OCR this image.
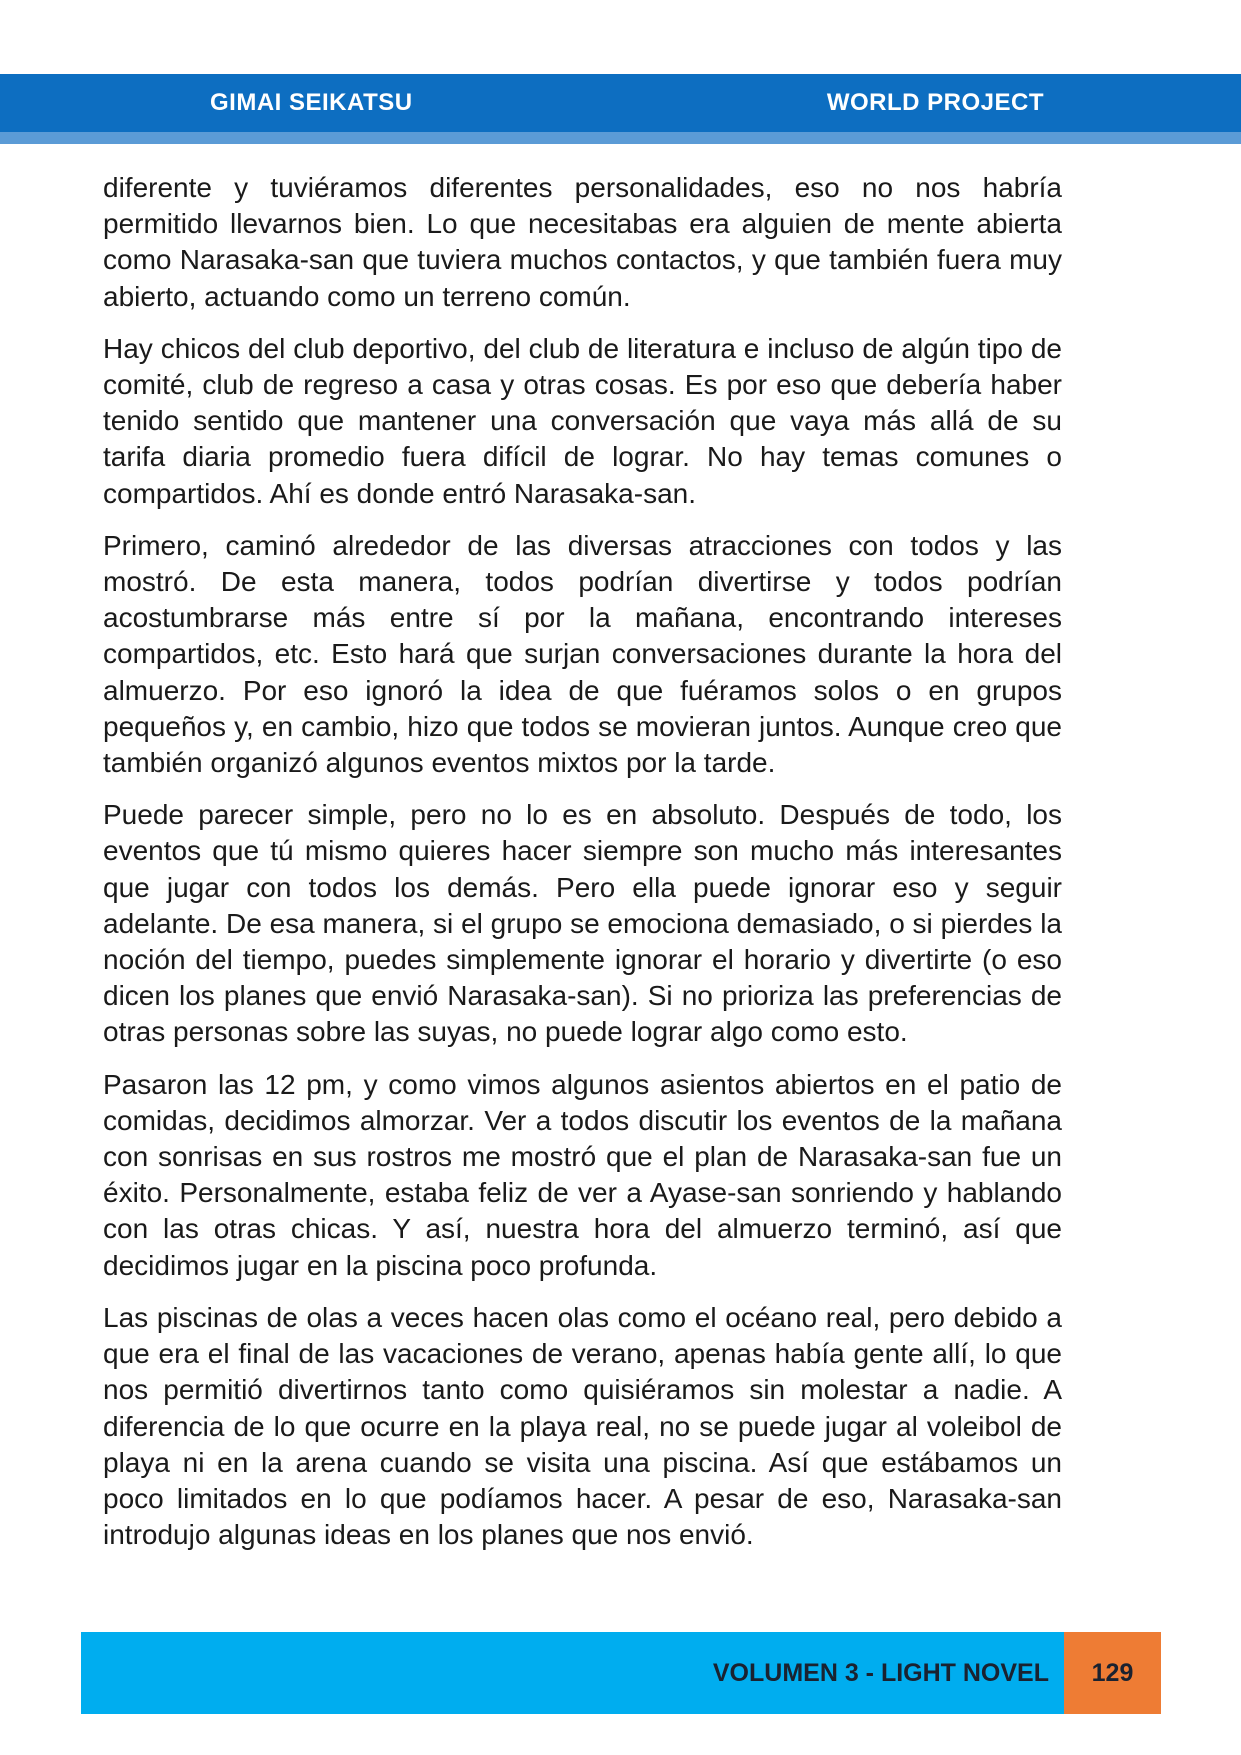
GIMAI SEIKATSU	WORLD PROJECT

diferente y tuviéramos diferentes personalidades, eso no nos habría permitido llevarnos bien. Lo que necesitabas era alguien de mente abierta como Narasaka-san que tuviera muchos contactos, y que también fuera muy abierto, actuando como un terreno común.

Hay chicos del club deportivo, del club de literatura e incluso de algún tipo de comité, club de regreso a casa y otras cosas. Es por eso que debería haber tenido sentido que mantener una conversación que vaya más allá de su tarifa diaria promedio fuera difícil de lograr. No hay temas comunes o compartidos. Ahí es donde entró Narasaka-san.

Primero, caminó alrededor de las diversas atracciones con todos y las mostró. De esta manera, todos podrían divertirse y todos podrían acostumbrarse más entre sí por la mañana, encontrando intereses compartidos, etc. Esto hará que surjan conversaciones durante la hora del almuerzo. Por eso ignoró la idea de que fuéramos solos o en grupos pequeños y, en cambio, hizo que todos se movieran juntos. Aunque creo que también organizó algunos eventos mixtos por la tarde.

Puede parecer simple, pero no lo es en absoluto. Después de todo, los eventos que tú mismo quieres hacer siempre son mucho más interesantes que jugar con todos los demás. Pero ella puede ignorar eso y seguir adelante. De esa manera, si el grupo se emociona demasiado, o si pierdes la noción del tiempo, puedes simplemente ignorar el horario y divertirte (o eso dicen los planes que envió Narasaka-san). Si no prioriza las preferencias de otras personas sobre las suyas, no puede lograr algo como esto.

Pasaron las 12 pm, y como vimos algunos asientos abiertos en el patio de comidas, decidimos almorzar. Ver a todos discutir los eventos de la mañana con sonrisas en sus rostros me mostró que el plan de Narasaka-san fue un éxito. Personalmente, estaba feliz de ver a Ayase-san sonriendo y hablando con las otras chicas. Y así, nuestra hora del almuerzo terminó, así que decidimos jugar en la piscina poco profunda.

Las piscinas de olas a veces hacen olas como el océano real, pero debido a que era el final de las vacaciones de verano, apenas había gente allí, lo que nos permitió divertirnos tanto como quisiéramos sin molestar a nadie. A diferencia de lo que ocurre en la playa real, no se puede jugar al voleibol de playa ni en la arena cuando se visita una piscina. Así que estábamos un poco limitados en lo que podíamos hacer. A pesar de eso, Narasaka-san introdujo algunas ideas en los planes que nos envió.

VOLUMEN 3 - LIGHT NOVEL	129
